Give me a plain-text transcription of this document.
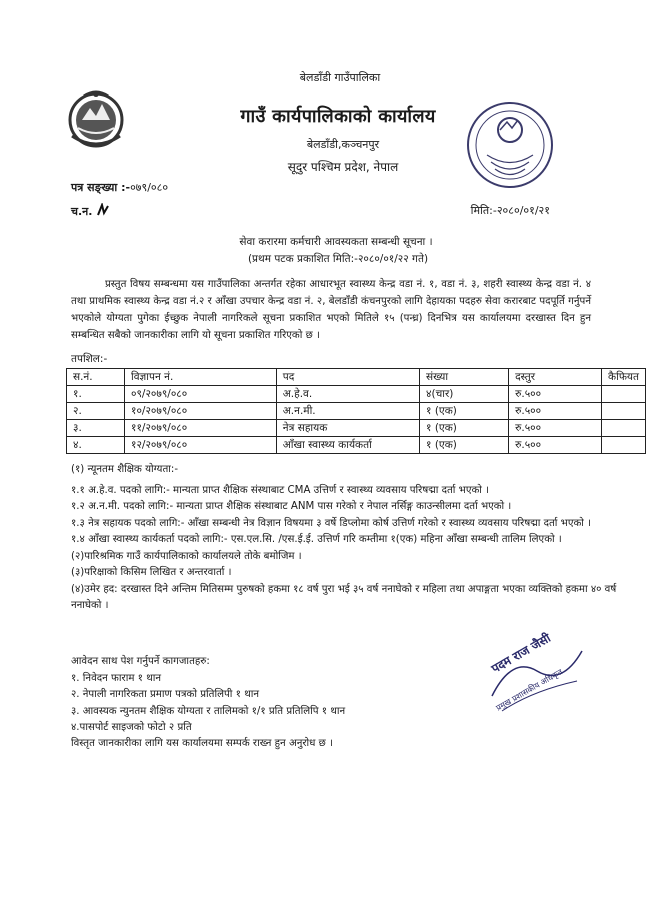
बेलडाँडी गाउँपालिका
गाउँ कार्यपालिकाको कार्यालय
बेलडाँडी,कञ्चनपुर
सूदुर पश्चिम प्रदेश, नेपाल
पत्र सङ्ख्या :-०७९/०८०
च.न.	मिति:-२०८०/०१/२१
सेवा करारमा कर्मचारी आवस्यकता सम्बन्धी सूचना ।
(प्रथम पटक प्रकाशित मिति:-२०८०/०१/२२ गते)
प्रस्तुत विषय सम्बन्धमा यस गाउँपालिका अन्तर्गत रहेका आधारभूत स्वास्थ्य केन्द्र वडा नं. १, वडा नं. ३, शहरी स्वास्थ्य केन्द्र वडा नं. ४ तथा प्राथमिक स्वास्थ्य केन्द्र वडा नं.२ र आँखा उपचार केन्द्र वडा नं. २, बेलडाँडी कंचनपुरको लागि देहायका पदहरु सेवा करारबाट पदपूर्ति गर्नुपर्ने भएकोले योग्यता पुगेका ईच्छुक नेपाली नागरिकले सूचना प्रकाशित भएको मितिले १५ (पन्ध्र) दिनभित्र यस कार्यालयमा दरखास्त दिन हुन सम्बन्धित सबैको जानकारीका लागि यो सूचना प्रकाशित गरिएको छ ।
तपशिल:-
स.नं.	विज्ञापन नं.	पद	संख्या	दस्तुर	कैफियत
१.	०९/२०७९/०८०	अ.हे.व.	४(चार)	रु.५००	
२.	१०/२०७९/०८०	अ.न.मी.	१ (एक)	रु.५००	
३.	११/२०७९/०८०	नेत्र सहायक	१ (एक)	रु.५००	
४.	१२/२०७९/०८०	आँखा स्वास्थ्य कार्यकर्ता	१ (एक)	रु.५००	

(१) न्यूनतम शैक्षिक योग्यता:-

१.१ अ.हे.व. पदको लागि:- मान्यता प्राप्त शैक्षिक संस्थाबाट CMA उत्तिर्ण र स्वास्थ्य व्यवसाय परिषद्मा दर्ता भएको ।

१.२ अ.न.मी. पदको लागि:- मान्यता प्राप्त शैक्षिक संस्थाबाट ANM पास गरेको र नेपाल नर्सिङ्ग काउन्सीलमा दर्ता भएको ।

१.३ नेत्र सहायक पदको लागि:- आँखा सम्बन्धी नेत्र विज्ञान विषयमा ३ वर्षे डिप्लोमा कोर्ष उत्तिर्ण गरेको र स्वास्थ्य व्यवसाय परिषद्मा दर्ता भएको ।

१.४ आँखा स्वास्थ्य कार्यकर्ता पदको लागि:- एस.एल.सि. /एस.ई.ई. उत्तिर्ण गरि कम्तीमा १(एक) महिना आँखा सम्बन्धी तालिम लिएको ।

(२)पारिश्रमिक गाउँ कार्यपालिकाको कार्यालयले तोके बमोजिम ।

(३)परिक्षाको किसिम लिखित र अन्तरवार्ता ।

(४)उमेर हद: दरखास्त दिने अन्तिम मितिसम्म पुरुषको हकमा १८ वर्ष पुरा भई ३५ वर्ष ननाघेको र महिला तथा अपाङ्गता भएका व्यक्तिको हकमा ४० वर्ष ननाघेको ।

आवेदन साथ पेश गर्नुपर्ने कागजातहरु:

१. निवेदन फाराम १ थान

२. नेपाली नागरिकता प्रमाण पत्रको प्रतिलिपी १ थान

३. आवस्यक न्युनतम शैक्षिक योग्यता र तालिमको १/१ प्रति प्रतिलिपि १ थान

४.पासपोर्ट साइजको फोटो २ प्रति

विस्तृत जानकारीका लागि यस कार्यालयमा सम्पर्क राख्न हुन अनुरोध छ ।
पदम राज जैसी
प्रमुख प्रशासकीय अधिकृत
